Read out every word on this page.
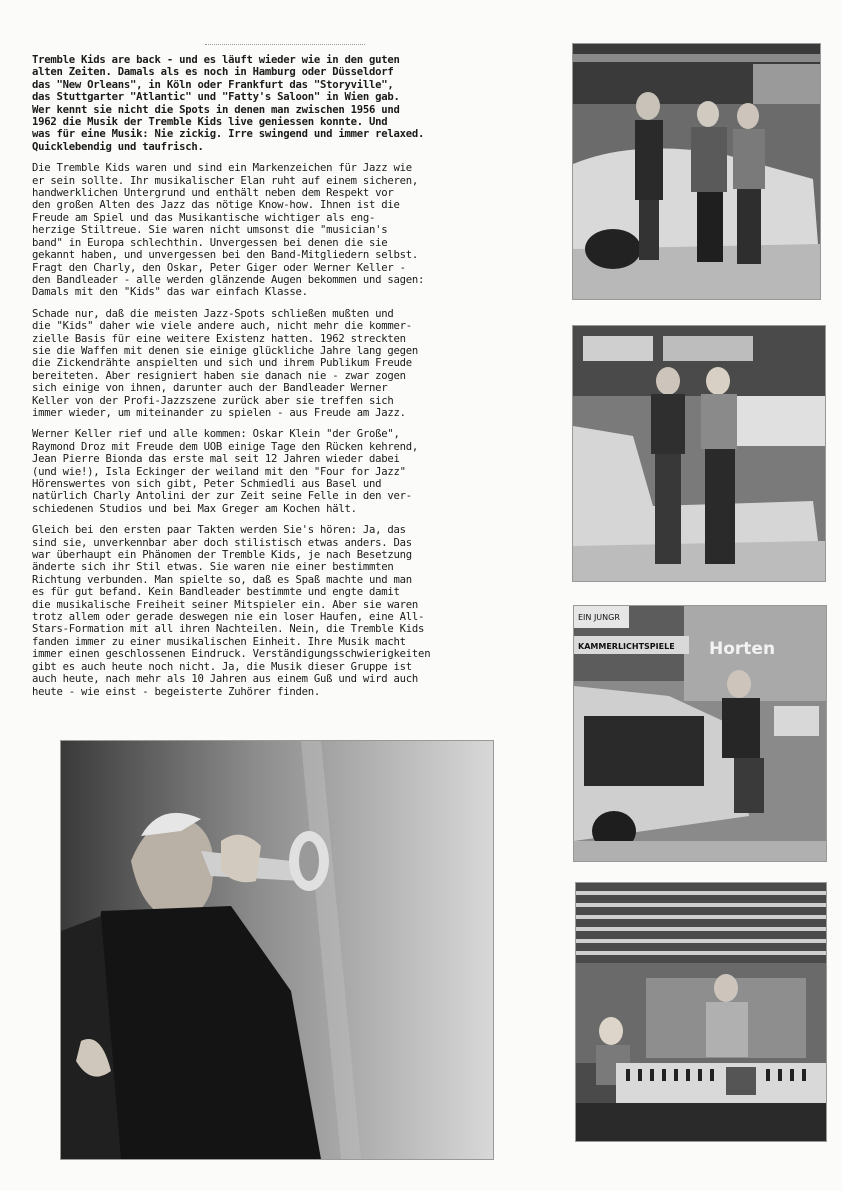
Tremble Kids are back - und es läuft wieder wie in den guten
alten Zeiten. Damals als es noch in Hamburg oder Düsseldorf
das "New Orleans", in Köln oder Frankfurt das "Storyville",
das Stuttgarter "Atlantic" und "Fatty's Saloon" in Wien gab.
Wer kennt sie nicht die Spots in denen man zwischen 1956 und
1962 die Musik der Tremble Kids live geniessen konnte. Und
was für eine Musik: Nie zickig. Irre swingend und immer relaxed.
Quicklebendig und taufrisch.

Die Tremble Kids waren und sind ein Markenzeichen für Jazz wie
er sein sollte. Ihr musikalischer Elan ruht auf einem sicheren,
handwerklichen Untergrund und enthält neben dem Respekt vor
den großen Alten des Jazz das nötige Know-how. Ihnen ist die
Freude am Spiel und das Musikantische wichtiger als eng-
herzige Stiltreue. Sie waren nicht umsonst die "musician's
band" in Europa schlechthin. Unvergessen bei denen die sie
gekannt haben, und unvergessen bei den Band-Mitgliedern selbst.
Fragt den Charly, den Oskar, Peter Giger oder Werner Keller -
den Bandleader - alle werden glänzende Augen bekommen und sagen:
Damals mit den "Kids" das war einfach Klasse.

Schade nur, daß die meisten Jazz-Spots schließen mußten und
die "Kids" daher wie viele andere auch, nicht mehr die kommer-
zielle Basis für eine weitere Existenz hatten. 1962 streckten
sie die Waffen mit denen sie einige glückliche Jahre lang gegen
die Zickendrähte anspielten und sich und ihrem Publikum Freude
bereiteten. Aber resigniert haben sie danach nie - zwar zogen
sich einige von ihnen, darunter auch der Bandleader Werner
Keller von der Profi-Jazzszene zurück aber sie treffen sich
immer wieder, um miteinander zu spielen - aus Freude am Jazz.

Werner Keller rief und alle kommen: Oskar Klein "der Große",
Raymond Droz mit Freude dem UOB einige Tage den Rücken kehrend,
Jean Pierre Bionda das erste mal seit 12 Jahren wieder dabei
(und wie!), Isla Eckinger der weiland mit den "Four for Jazz"
Hörenswertes von sich gibt, Peter Schmiedli aus Basel und
natürlich Charly Antolini der zur Zeit seine Felle in den ver-
schiedenen Studios und bei Max Greger am Kochen hält.

Gleich bei den ersten paar Takten werden Sie's hören: Ja, das
sind sie, unverkennbar aber doch stilistisch etwas anders. Das
war überhaupt ein Phänomen der Tremble Kids, je nach Besetzung
änderte sich ihr Stil etwas. Sie waren nie einer bestimmten
Richtung verbunden. Man spielte so, daß es Spaß machte und man
es für gut befand. Kein Bandleader bestimmte und engte damit
die musikalische Freiheit seiner Mitspieler ein. Aber sie waren
trotz allem oder gerade deswegen nie ein loser Haufen, eine All-
Stars-Formation mit all ihren Nachteilen. Nein, die Tremble Kids
fanden immer zu einer musikalischen Einheit. Ihre Musik macht
immer einen geschlossenen Eindruck. Verständigungsschwierigkeiten
gibt es auch heute noch nicht. Ja, die Musik dieser Gruppe ist
auch heute, nach mehr als 10 Jahren aus einem Guß und wird auch
heute - wie einst - begeisterte Zuhörer finden.

EIN JUNGR
KAMMERLICHTSPIELE Horten
